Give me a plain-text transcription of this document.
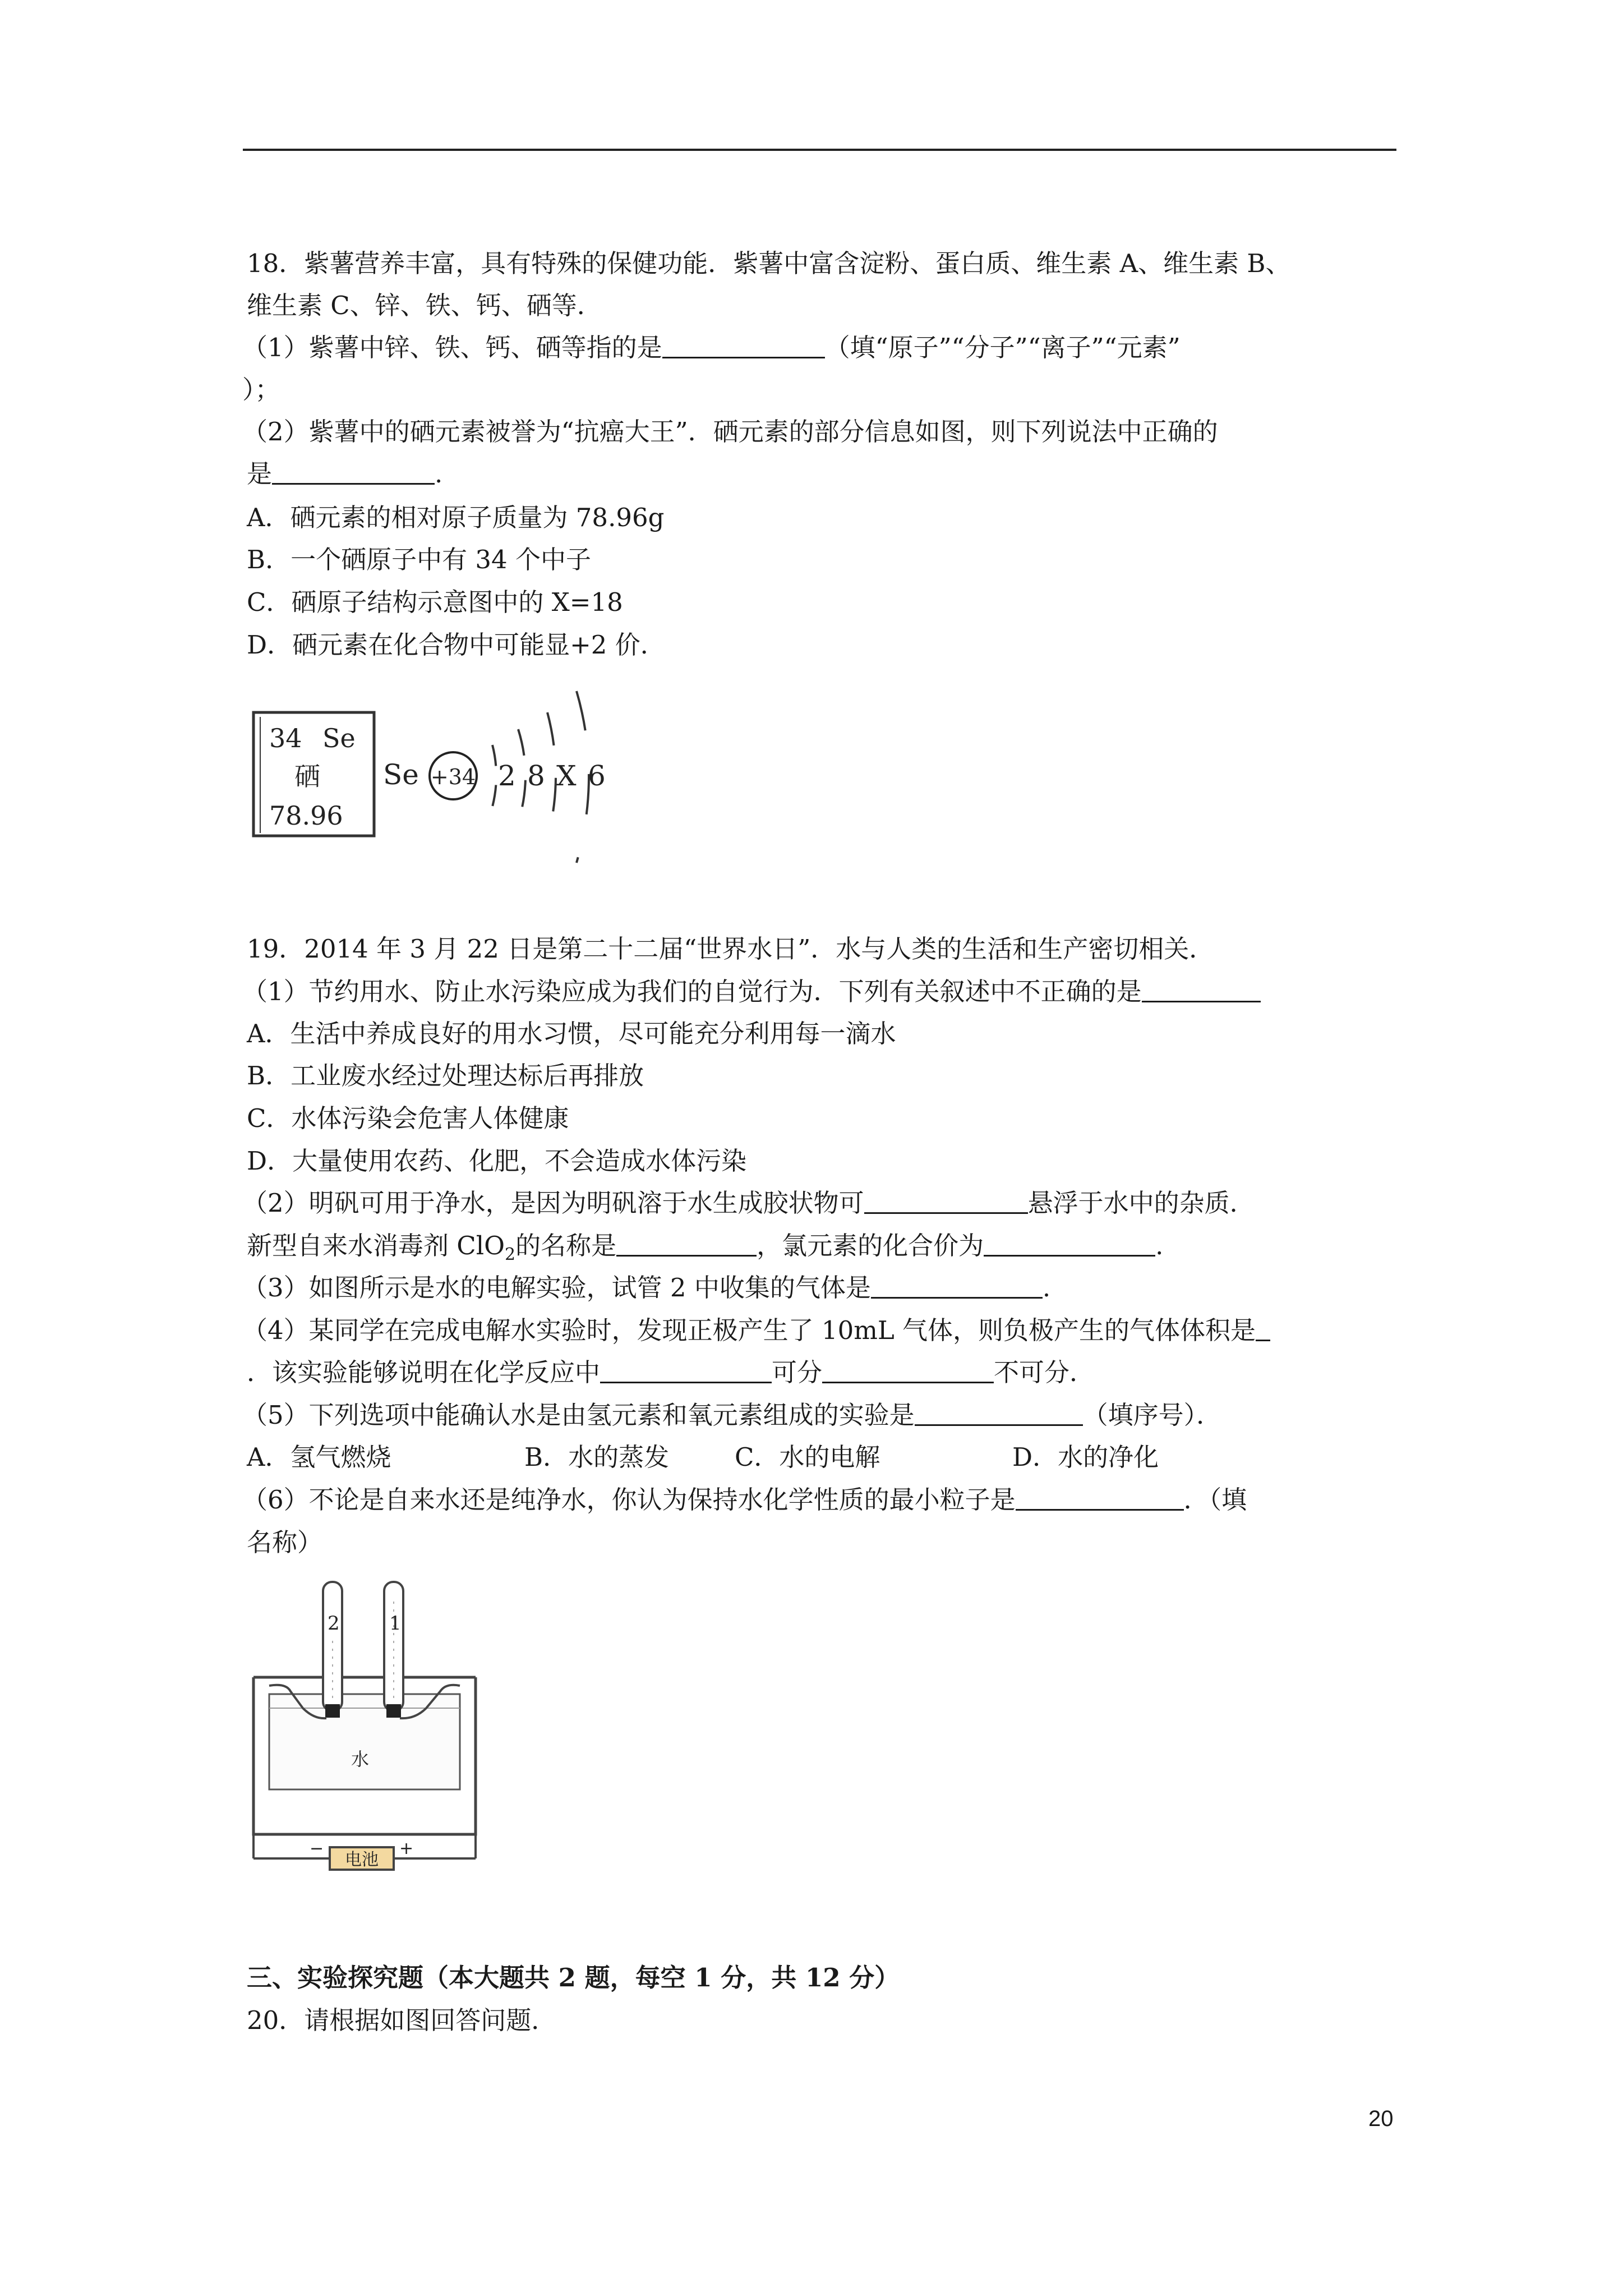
18．紫薯营养丰富，具有特殊的保健功能．紫薯中富含淀粉、蛋白质、维生素 A、维生素 B、
维生素 C、锌、铁、钙、硒等．
（1）紫薯中锌、铁、钙、硒等指的是	（填“原子”“分子”“离子”“元素”
）；
（2）紫薯中的硒元素被誉为“抗癌大王”．硒元素的部分信息如图，则下列说法中正确的
是	.
A．硒元素的相对原子质量为 78.96g
B．一个硒原子中有 34 个中子
C．硒原子结构示意图中的 X=18
D．硒元素在化合物中可能显+2 价．
34 Se
硒
78.96
Se +34 2 8 X 6
19．2014 年 3 月 22 日是第二十二届“世界水日”．水与人类的生活和生产密切相关．
（1）节约用水、防止水污染应成为我们的自觉行为．下列有关叙述中不正确的是
A．生活中养成良好的用水习惯，尽可能充分利用每一滴水
B．工业废水经过处理达标后再排放
C．水体污染会危害人体健康
D．大量使用农药、化肥，不会造成水体污染
（2）明矾可用于净水，是因为明矾溶于水生成胶状物可	悬浮于水中的杂质．
新型自来水消毒剂 ClO$_2$的名称是	，氯元素的化合价为	.
（3）如图所示是水的电解实验，试管 2 中收集的气体是	.
（4）某同学在完成电解水实验时，发现正极产生了 10mL 气体，则负极产生的气体体积是
．该实验能够说明在化学反应中	可分	不可分．
（5）下列选项中能确认水是由氢元素和氧元素组成的实验是	（填序号）．
A．氢气燃烧	B．水的蒸发	C．水的电解	D．水的净化
（6）不论是自来水还是纯净水，你认为保持水化学性质的最小粒子是	．（填
名称）
2	1
水
电池
−	+
三、实验探究题（本大题共 2 题，每空 1 分，共 12 分）
20．请根据如图回答问题．
20
